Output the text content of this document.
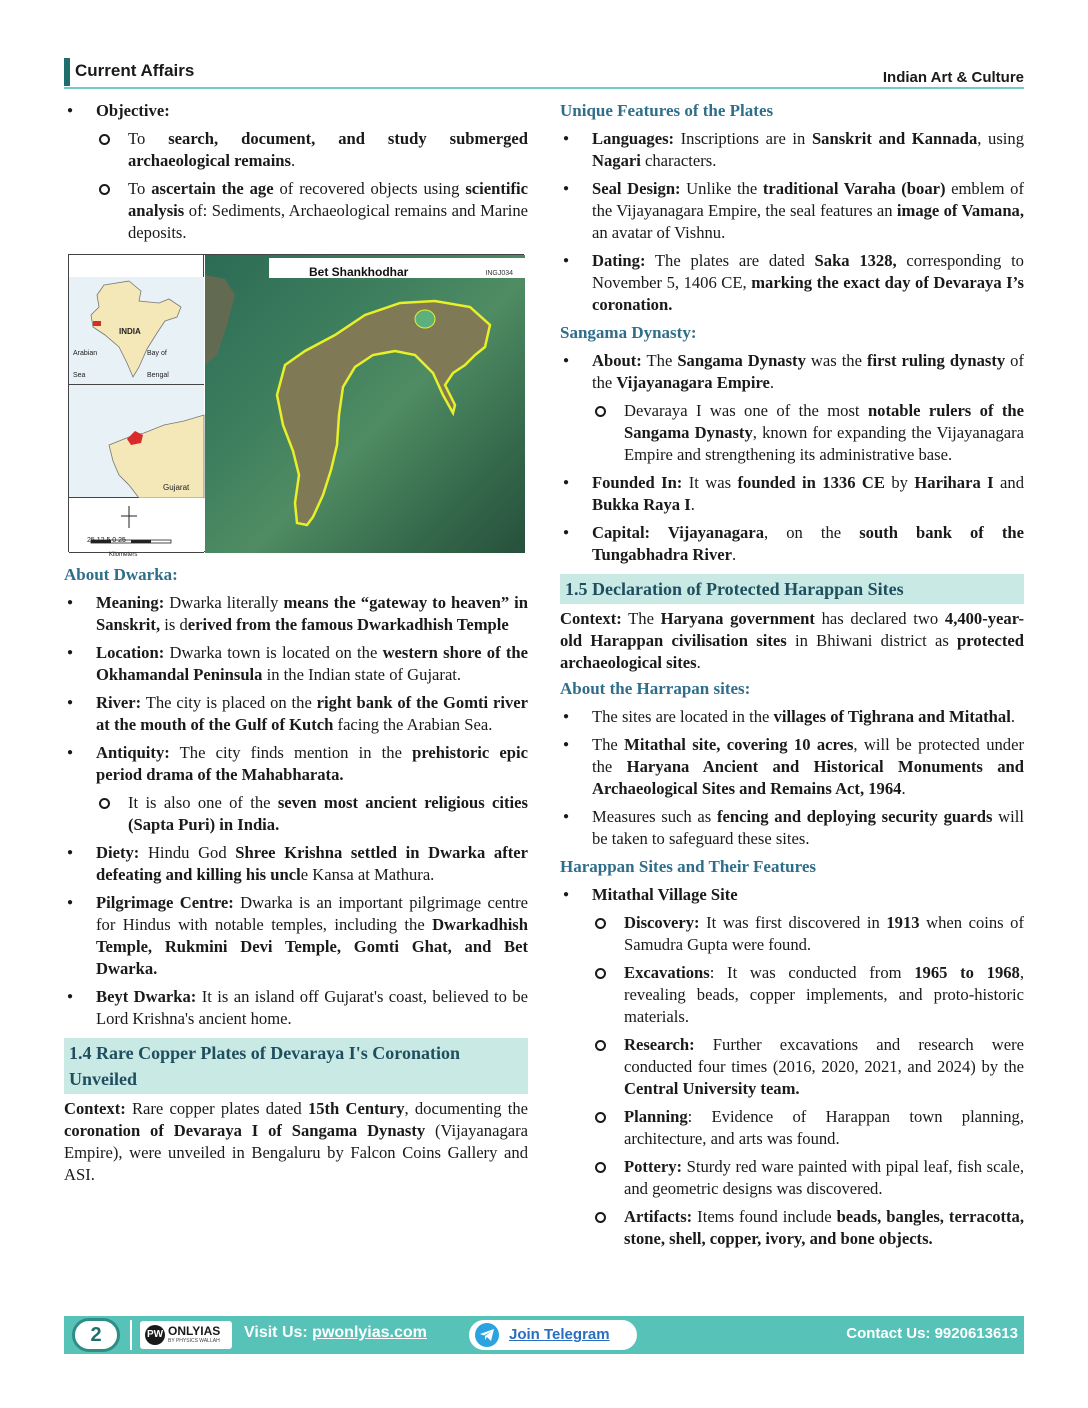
Current Affairs	Indian Art & Culture
● Objective:
To search, document, and study submerged archaeological remains.
To ascertain the age of recovered objects using scientific analysis of: Sediments, Archaeological remains and Marine deposits.
INDIA
Arabian Sea
Bay of Bengal
Gujarat
25 12.5 0 25
Kilometers
Bet Shankhodhar	INGJ034
About Dwarka:
● Meaning: Dwarka literally means the “gateway to heaven” in Sanskrit, is derived from the famous Dwarkadhish Temple
● Location: Dwarka town is located on the western shore of the Okhamandal Peninsula in the Indian state of Gujarat.
● River: The city is placed on the right bank of the Gomti river at the mouth of the Gulf of Kutch facing the Arabian Sea.
● Antiquity: The city finds mention in the prehistoric epic period drama of the Mahabharata.
It is also one of the seven most ancient religious cities (Sapta Puri) in India.
● Diety: Hindu God Shree Krishna settled in Dwarka after defeating and killing his uncle Kansa at Mathura.
● Pilgrimage Centre: Dwarka is an important pilgrimage centre for Hindus with notable temples, including the Dwarkadhish Temple, Rukmini Devi Temple, Gomti Ghat, and Bet Dwarka.
● Beyt Dwarka: It is an island off Gujarat's coast, believed to be Lord Krishna's ancient home.
1.4 Rare Copper Plates of Devaraya I's Coronation Unveiled

Context: Rare copper plates dated 15th Century, documenting the coronation of Devaraya I of Sangama Dynasty (Vijayanagara Empire), were unveiled in Bengaluru by Falcon Coins Gallery and ASI.

Unique Features of the Plates
● Languages: Inscriptions are in Sanskrit and Kannada, using Nagari characters.
● Seal Design: Unlike the traditional Varaha (boar) emblem of the Vijayanagara Empire, the seal features an image of Vamana, an avatar of Vishnu.
● Dating: The plates are dated Saka 1328, corresponding to November 5, 1406 CE, marking the exact day of Devaraya I’s coronation.
Sangama Dynasty:
● About: The Sangama Dynasty was the first ruling dynasty of the Vijayanagara Empire.
Devaraya I was one of the most notable rulers of the Sangama Dynasty, known for expanding the Vijayanagara Empire and strengthening its administrative base.
● Founded In: It was founded in 1336 CE by Harihara I and Bukka Raya I.
● Capital: Vijayanagara, on the south bank of the Tungabhadra River.
1.5 Declaration of Protected Harappan Sites

Context: The Haryana government has declared two 4,400-year-old Harappan civilisation sites in Bhiwani district as protected archaeological sites.

About the Harrapan sites:
● The sites are located in the villages of Tighrana and Mitathal.
● The Mitathal site, covering 10 acres, will be protected under the Haryana Ancient and Historical Monuments and Archaeological Sites and Remains Act, 1964.
● Measures such as fencing and deploying security guards will be taken to safeguard these sites.
Harappan Sites and Their Features
● Mitathal Village Site
Discovery: It was first discovered in 1913 when coins of Samudra Gupta were found.
Excavations: It was conducted from 1965 to 1968, revealing beads, copper implements, and proto-historic materials.
Research: Further excavations and research were conducted four times (2016, 2020, 2021, and 2024) by the Central University team.
Planning: Evidence of Harappan town planning, architecture, and arts was found.
Pottery: Sturdy red ware painted with pipal leaf, fish scale, and geometric designs was discovered.
Artifacts: Items found include beads, bangles, terracotta, stone, shell, copper, ivory, and bone objects.
2	PW ONLYIAS
BY PHYSICS WALLAH Visit Us: pwonlyias.com	Join Telegram	Contact Us: 9920613613
